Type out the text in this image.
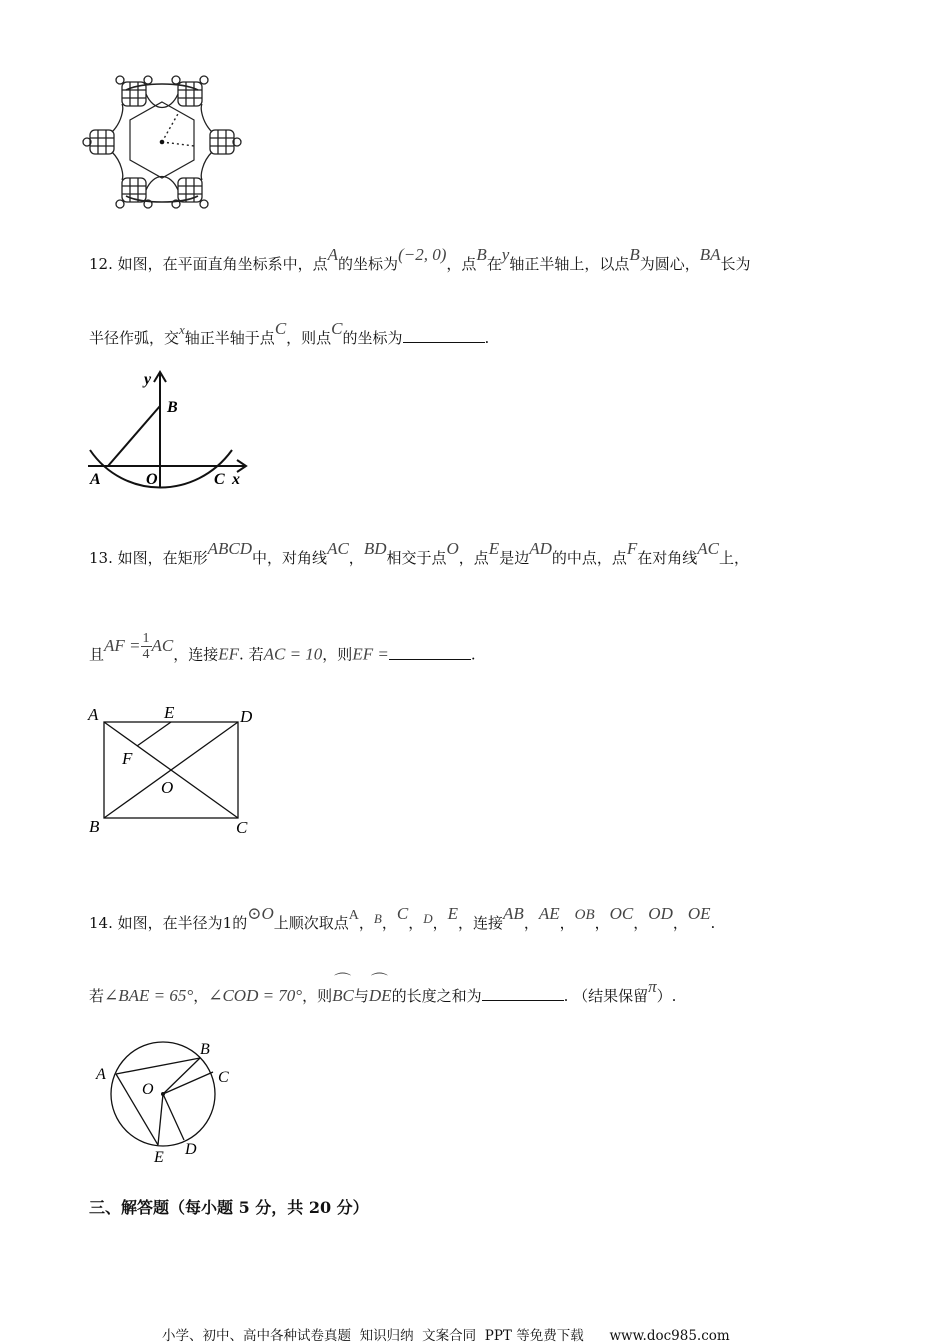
12. 如图，在平面直角坐标系中，点A的坐标为(−2, 0)，点B在y轴正半轴上，以点B为圆心，BA长为
半径作弧，交x轴正半轴于点C，则点C的坐标为	.
y
B
A	O	C x
13. 如图，在矩形ABCD中，对角线AC，BD相交于点O，点E是边AD的中点，点F在对角线AC上，
且AF = $\frac{1}{4}$ AC，连接EF. 若AC = 10，则EF =	.
A	E	D
F
O
B	C
14. 如图，在半径为1的⊙O上顺次取点A，B，C，D，E，连接AB，AE，OB，OC，OD，OE.
若∠BAE = 65°，∠COD = 70°，则
⌒
BC与
⌒
DE的长度之和为	. （结果保留π）.
A
B
C
O
D
E
三、解答题（每小题 5 分，共 20 分）
小学、初中、高中各种试卷真题  知识归纳  文案合同  PPT 等免费下载      www.doc985.com
